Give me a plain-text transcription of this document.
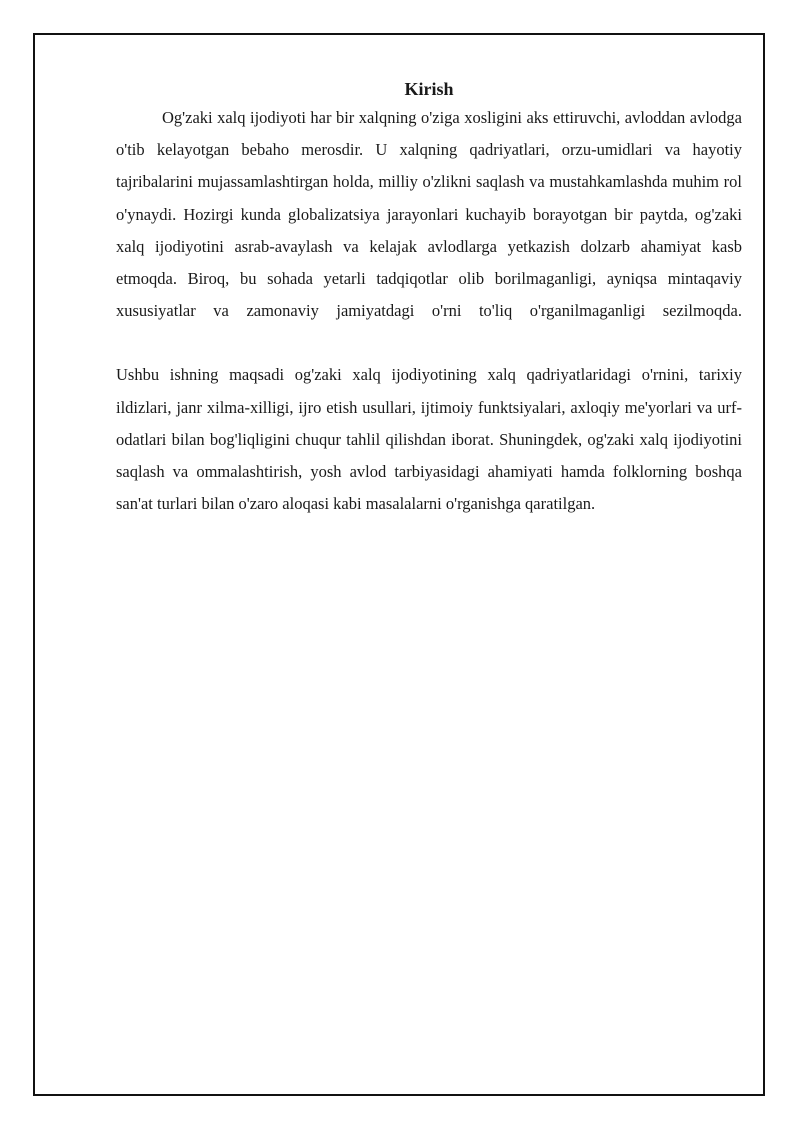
Kirish

Og'zaki xalq ijodiyoti har bir xalqning o'ziga xosligini aks ettiruvchi, avloddan avlodga o'tib kelayotgan bebaho merosdir. U xalqning qadriyatlari, orzu-umidlari va hayotiy tajribalarini mujassamlashtirgan holda, milliy o'zlikni saqlash va mustahkamlashda muhim rol o'ynaydi. Hozirgi kunda globalizatsiya jarayonlari kuchayib borayotgan bir paytda, og'zaki xalq ijodiyotini asrab-avaylash va kelajak avlodlarga yetkazish dolzarb ahamiyat kasb etmoqda. Biroq, bu sohada yetarli tadqiqotlar olib borilmaganligi, ayniqsa mintaqaviy xususiyatlar va zamonaviy jamiyatdagi o'rni to'liq o'rganilmaganligi sezilmoqda.

Ushbu ishning maqsadi og'zaki xalq ijodiyotining xalq qadriyatlaridagi o'rnini, tarixiy ildizlari, janr xilma-xilligi, ijro etish usullari, ijtimoiy funktsiyalari, axloqiy me'yorlari va urf-odatlari bilan bog'liqligini chuqur tahlil qilishdan iborat. Shuningdek, og'zaki xalq ijodiyotini saqlash va ommalashtirish, yosh avlod tarbiyasidagi ahamiyati hamda folklorning boshqa san'at turlari bilan o'zaro aloqasi kabi masalalarni o'rganishga qaratilgan.
